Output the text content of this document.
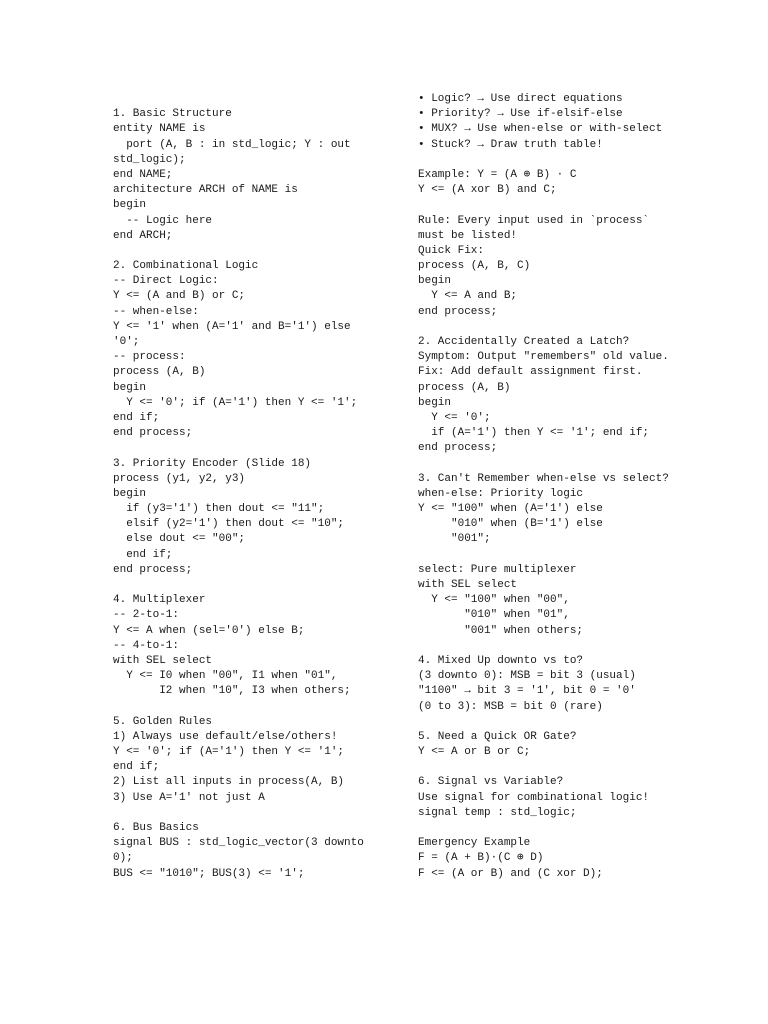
1. Basic Structure
entity NAME is
port (A, B : in std_logic; Y : out
std_logic);
end NAME;
architecture ARCH of NAME is
begin
-- Logic here
end ARCH;
2. Combinational Logic
-- Direct Logic:
Y <= (A and B) or C;
-- when-else:
Y <= '1' when (A='1' and B='1') else
'0';
-- process:
process (A, B)
begin
Y <= '0'; if (A='1') then Y <= '1';
end if;
end process;
3. Priority Encoder (Slide 18)
process (y1, y2, y3)
begin
if (y3='1') then dout <= "11";
elsif (y2='1') then dout <= "10";
else dout <= "00";
end if;
end process;
4. Multiplexer
-- 2-to-1:
Y <= A when (sel='0') else B;
-- 4-to-1:
with SEL select
Y <= I0 when "00", I1 when "01",
I2 when "10", I3 when others;
5. Golden Rules
1) Always use default/else/others!
Y <= '0'; if (A='1') then Y <= '1';
end if;
2) List all inputs in process(A, B)
3) Use A='1' not just A
6. Bus Basics
signal BUS : std_logic_vector(3 downto
0);
BUS <= "1010"; BUS(3) <= '1';
• Logic? → Use direct equations
• Priority? → Use if-elsif-else
• MUX? → Use when-else or with-select
• Stuck? → Draw truth table!
Example: Y = (A ⊕ B) · C
Y <= (A xor B) and C;
Rule: Every input used in `process`
must be listed!
Quick Fix:
process (A, B, C)
begin
Y <= A and B;
end process;
2. Accidentally Created a Latch?
Symptom: Output "remembers" old value.
Fix: Add default assignment first.
process (A, B)
begin
Y <= '0';
if (A='1') then Y <= '1'; end if;
end process;
3. Can't Remember when-else vs select?
when-else: Priority logic
Y <= "100" when (A='1') else
"010" when (B='1') else
"001";
select: Pure multiplexer
with SEL select
Y <= "100" when "00",
"010" when "01",
"001" when others;
4. Mixed Up downto vs to?
(3 downto 0): MSB = bit 3 (usual)
"1100" → bit 3 = '1', bit 0 = '0'
(0 to 3): MSB = bit 0 (rare)
5. Need a Quick OR Gate?
Y <= A or B or C;
6. Signal vs Variable?
Use signal for combinational logic!
signal temp : std_logic;
Emergency Example
F = (A + B)·(C ⊕ D)
F <= (A or B) and (C xor D);
